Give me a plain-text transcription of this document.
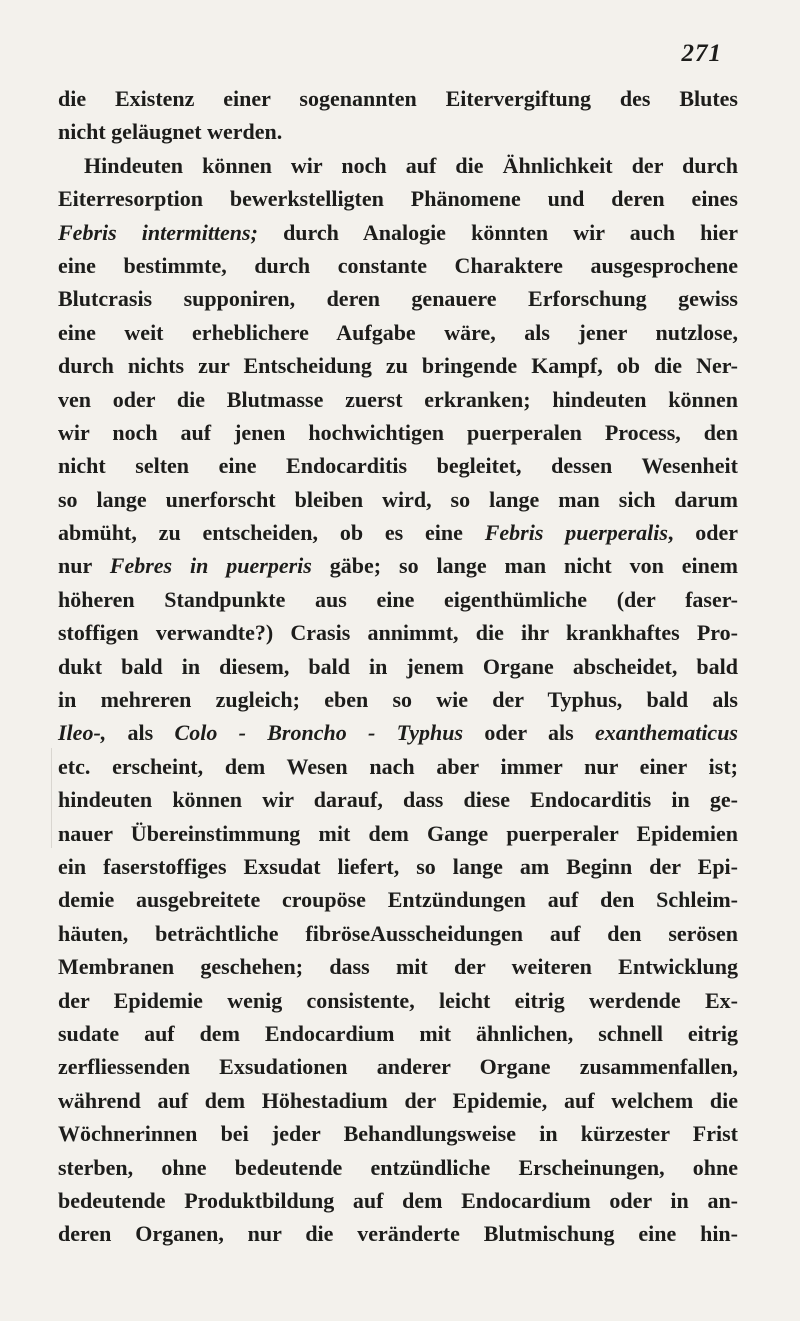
271
die Existenz einer sogenannten Eitervergiftung des Blutes
nicht geläugnet werden.
Hindeuten können wir noch auf die Ähnlichkeit der durch
Eiterresorption bewerkstelligten Phänomene und deren eines
Febris intermittens; durch Analogie könnten wir auch hier
eine bestimmte, durch constante Charaktere ausgesprochene
Blutcrasis supponiren, deren genauere Erforschung gewiss
eine weit erheblichere Aufgabe wäre, als jener nutzlose,
durch nichts zur Entscheidung zu bringende Kampf, ob die Ner-
ven oder die Blutmasse zuerst erkranken; hindeuten können
wir noch auf jenen hochwichtigen puerperalen Process, den
nicht selten eine Endocarditis begleitet, dessen Wesenheit
so lange unerforscht bleiben wird, so lange man sich darum
abmüht, zu entscheiden, ob es eine Febris puerperalis, oder
nur Febres in puerperis gäbe; so lange man nicht von einem
höheren Standpunkte aus eine eigenthümliche (der faser-
stoffigen verwandte?) Crasis annimmt, die ihr krankhaftes Pro-
dukt bald in diesem, bald in jenem Organe abscheidet, bald
in mehreren zugleich; eben so wie der Typhus, bald als
Ileo-, als Colo - Broncho - Typhus oder als exanthematicus
etc. erscheint, dem Wesen nach aber immer nur einer ist;
hindeuten können wir darauf, dass diese Endocarditis in ge-
nauer Übereinstimmung mit dem Gange puerperaler Epidemien
ein faserstoffiges Exsudat liefert, so lange am Beginn der Epi-
demie ausgebreitete croupöse Entzündungen auf den Schleim-
häuten, beträchtliche fibröseAusscheidungen auf den serösen
Membranen geschehen; dass mit der weiteren Entwicklung
der Epidemie wenig consistente, leicht eitrig werdende Ex-
sudate auf dem Endocardium mit ähnlichen, schnell eitrig
zerfliessenden Exsudationen anderer Organe zusammenfallen,
während auf dem Höhestadium der Epidemie, auf welchem die
Wöchnerinnen bei jeder Behandlungsweise in kürzester Frist
sterben, ohne bedeutende entzündliche Erscheinungen, ohne
bedeutende Produktbildung auf dem Endocardium oder in an-
deren Organen, nur die veränderte Blutmischung eine hin-
